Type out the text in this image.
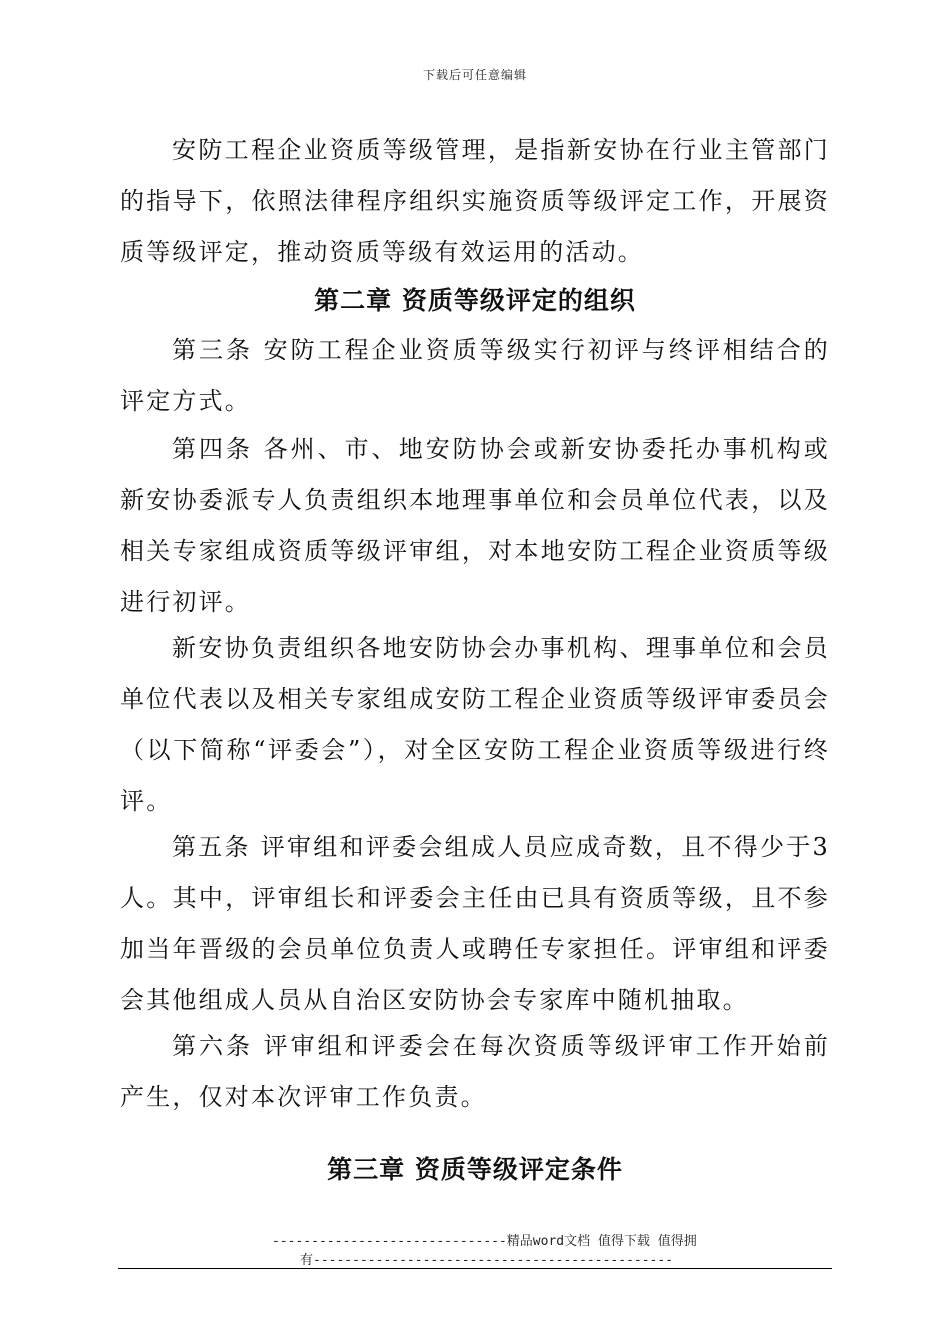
下载后可任意编辑

安防工程企业资质等级管理，是指新安协在行业主管部门的指导下，依照法律程序组织实施资质等级评定工作，开展资质等级评定，推动资质等级有效运用的活动。

第二章 资质等级评定的组织

第三条 安防工程企业资质等级实行初评与终评相结合的评定方式。

第四条 各州、市、地安防协会或新安协委托办事机构或新安协委派专人负责组织本地理事单位和会员单位代表，以及相关专家组成资质等级评审组，对本地安防工程企业资质等级进行初评。

新安协负责组织各地安防协会办事机构、理事单位和会员单位代表以及相关专家组成安防工程企业资质等级评审委员会（以下简称“评委会”），对全区安防工程企业资质等级进行终评。

第五条 评审组和评委会组成人员应成奇数，且不得少于3人。其中，评审组长和评委会主任由已具有资质等级，且不参加当年晋级的会员单位负责人或聘任专家担任。评审组和评委会其他组成人员从自治区安防协会专家库中随机抽取。

第六条 评审组和评委会在每次资质等级评审工作开始前产生，仅对本次评审工作负责。

第三章 资质等级评定条件
------------------------------精品word文档 值得下载 值得拥
有----------------------------------------------
